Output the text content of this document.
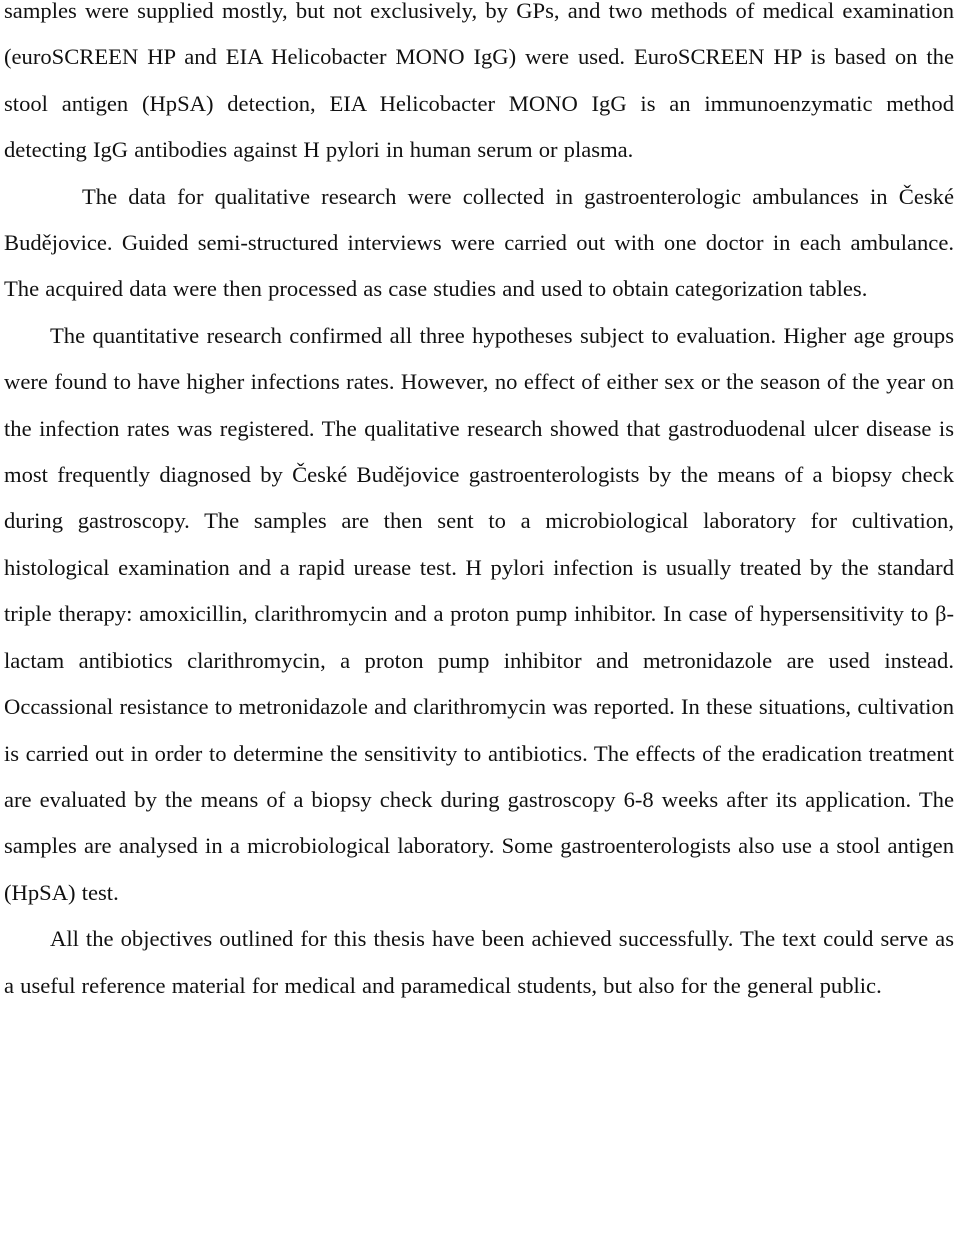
samples were supplied mostly, but not exclusively, by GPs, and two methods of medical examination (euroSCREEN HP and EIA Helicobacter MONO IgG) were used. EuroSCREEN HP is based on the stool antigen (HpSA) detection, EIA Helicobacter MONO IgG is an immunoenzymatic method detecting IgG antibodies against H pylori in human serum or plasma.

The data for qualitative research were collected in gastroenterologic ambulances in České Budějovice. Guided semi-structured interviews were carried out with one doctor in each ambulance. The acquired data were then processed as case studies and used to obtain categorization tables.

The quantitative research confirmed all three hypotheses subject to evaluation. Higher age groups were found to have higher infections rates. However, no effect of either sex or the season of the year on the infection rates was registered. The qualitative research showed that gastroduodenal ulcer disease is most frequently diagnosed by České Budějovice gastroenterologists by the means of a biopsy check during gastroscopy. The samples are then sent to a microbiological laboratory for cultivation, histological examination and a rapid urease test. H pylori infection is usually treated by the standard triple therapy: amoxicillin, clarithromycin and a proton pump inhibitor. In case of hypersensitivity to β-lactam antibiotics clarithromycin, a proton pump inhibitor and metronidazole are used instead. Occassional resistance to metronidazole and clarithromycin was reported. In these situations, cultivation is carried out in order to determine the sensitivity to antibiotics. The effects of the eradication treatment are evaluated by the means of a biopsy check during gastroscopy 6-8 weeks after its application. The samples are analysed in a microbiological laboratory. Some gastroenterologists also use a stool antigen (HpSA) test.

All the objectives outlined for this thesis have been achieved successfully. The text could serve as a useful reference material for medical and paramedical students, but also for the general public.
